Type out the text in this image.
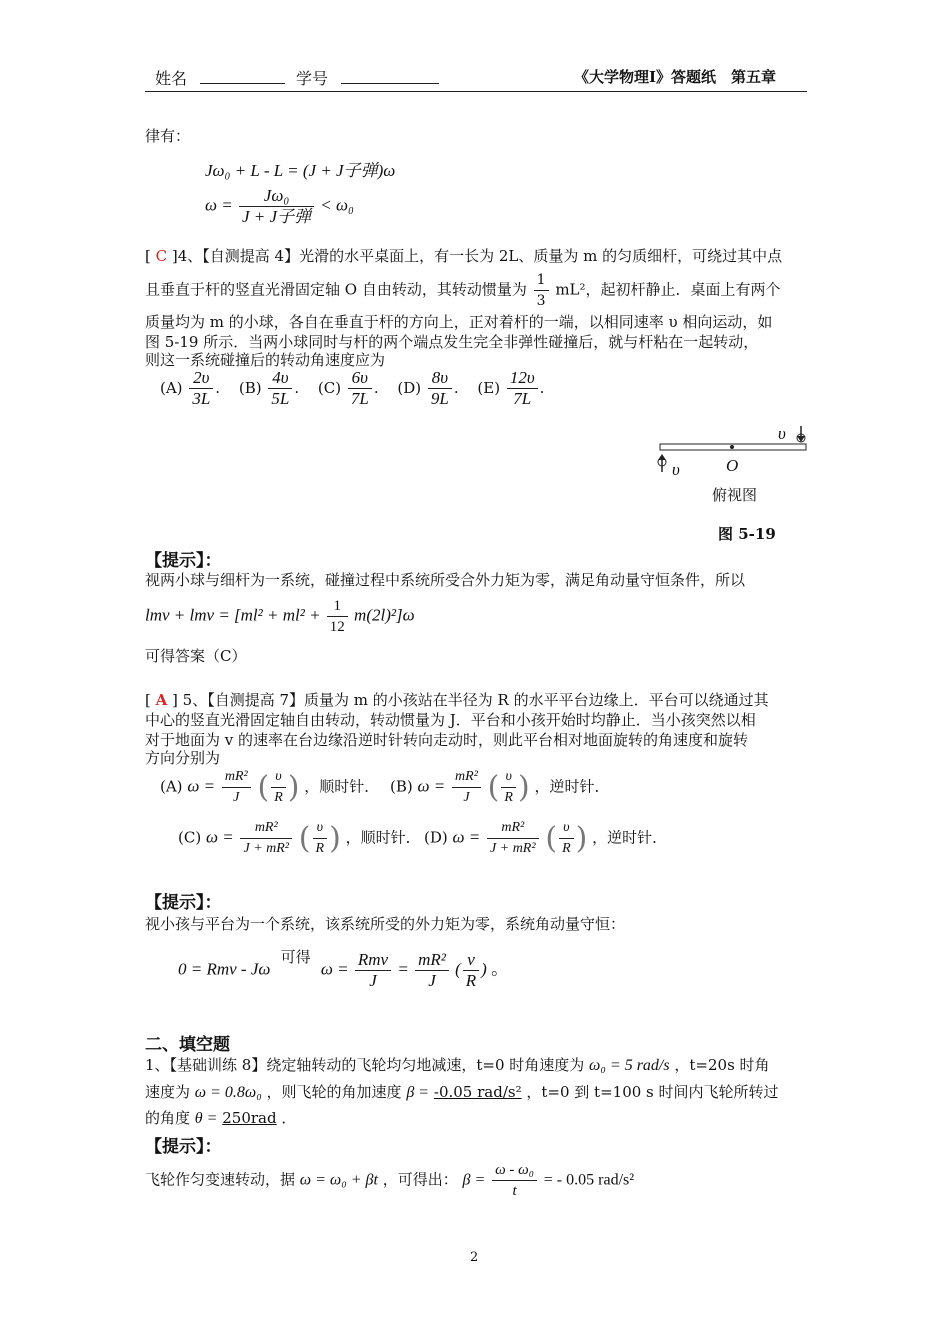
姓名	学号	《大学物理Ⅰ》答题纸　第五章
律有：
Jω₀ + L - L = (J + J子弹)ω
$\omega = \frac{\text{Jω₀}}{\text{J + J子弹}} < \omega_0$
[ C ]4、【自测提高 4】光滑的水平桌面上，有一长为 2L、质量为 m 的匀质细杆，可绕过其中点
且垂直于杆的竖直光滑固定轴 O 自由转动，其转动惯量为 $\frac{1}{3} mL^2$，起初杆静止．桌面上有两个
质量均为 m 的小球，各自在垂直于杆的方向上，正对着杆的一端，以相同速率 υ 相向运动，如
图 5-19 所示．当两小球同时与杆的两个端点发生完全非弹性碰撞后，就与杆粘在一起转动，
则这一系统碰撞后的转动角速度应为
$(A) \frac{2\upsilon}{3L}$ . $(B) \frac{4\upsilon}{5L}$ . $(C) \frac{6\upsilon}{7L}$ . $(D) \frac{8\upsilon}{9L}$ . $(E) \frac{12\upsilon}{7L}$ .
υ
υ	O
俯视图
图 5-19
【提示】：
视两小球与细杆为一系统，碰撞过程中系统所受合外力矩为零，满足角动量守恒条件，所以
lmv + lmv = $[ml^2 + ml^2 + \frac{1}{12} m(2l)^2]\omega$
可得答案（C）
[ A ] 5、【自测提高 7】质量为 m 的小孩站在半径为 R 的水平平台边缘上．平台可以绕通过其
中心的竖直光滑固定轴自由转动，转动惯量为 J．平台和小孩开始时均静止．当小孩突然以相
对于地面为 v 的速率在台边缘沿逆时针转向走动时，则此平台相对地面旋转的角速度和旋转
方向分别为
(A) $\omega = \frac{\text{mR²}}{J}$ ( $\frac{\upsilon}{R}$ ) ，顺时针． (B) $\omega = \frac{\text{mR²}}{J}$ ( $\frac{\upsilon}{R}$ ) ，逆时针．
(C) $\omega = \frac{\text{mR²}}{\text{J + mR²}}$ ( $\frac{\upsilon}{R}$ ) ，顺时针． (D) $\omega = \frac{\text{mR²}}{\text{J + mR²}}$ ( $\frac{\upsilon}{R}$ ) ，逆时针．
【提示】：
视小孩与平台为一个系统，该系统所受的外力矩为零，系统角动量守恒：
0 = Rmv - Jω 可得 $\omega = \frac{\text{Rmv}}{J} = \frac{\text{mR²}}{J}$ ( $\frac{v}{R}$ ) 。
二、填空题
1、【基础训练 8】绕定轴转动的飞轮均匀地减速，t=0 时角速度为 ω₀ = 5 rad/s ，t=20s 时角
速度为 ω = 0.8ω₀ ，则飞轮的角加速度 β = -0.05 rad/s² ，t=0 到 t=100 s 时间内飞轮所转过
的角度 θ = 250rad ．
【提示】：
飞轮作匀变速转动，据 ω = ω₀ + βt ，可得出： $\beta = \frac{\text{ω - ω₀}}{t}$ = - 0.05 rad/s²
2
